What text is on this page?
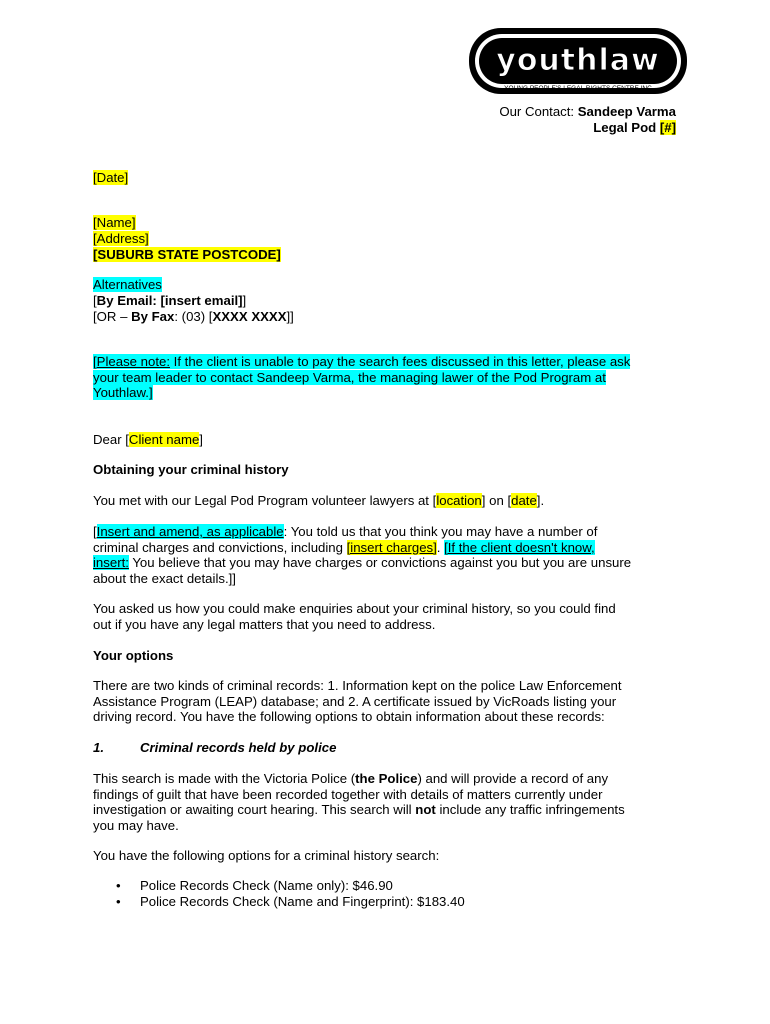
youthlaw
YOUNG PEOPLE'S LEGAL RIGHTS CENTRE INC
Our Contact: Sandeep Varma
Legal Pod [#]
[Date]
[Name]
[Address]
[SUBURB STATE POSTCODE]
Alternatives
[By Email: [insert email]]
[OR – By Fax: (03) [XXXX XXXX]]
[Please note: If the client is unable to pay the search fees discussed in this letter, please ask
your team leader to contact Sandeep Varma, the managing lawer of the Pod Program at
Youthlaw.]
Dear [Client name]
Obtaining your criminal history
You met with our Legal Pod Program volunteer lawyers at [location] on [date].
[Insert and amend, as applicable: You told us that you think you may have a number of
criminal charges and convictions, including [insert charges]. [If the client doesn't know,
insert: You believe that you may have charges or convictions against you but you are unsure
about the exact details.]]
You asked us how you could make enquiries about your criminal history, so you could find
out if you have any legal matters that you need to address.
Your options
There are two kinds of criminal records: 1. Information kept on the police Law Enforcement
Assistance Program (LEAP) database; and 2. A certificate issued by VicRoads listing your
driving record. You have the following options to obtain information about these records:
1.	Criminal records held by police
This search is made with the Victoria Police (the Police) and will provide a record of any
findings of guilt that have been recorded together with details of matters currently under
investigation or awaiting court hearing. This search will not include any traffic infringements
you may have.
You have the following options for a criminal history search:
• Police Records Check (Name only): $46.90
• Police Records Check (Name and Fingerprint): $183.40
